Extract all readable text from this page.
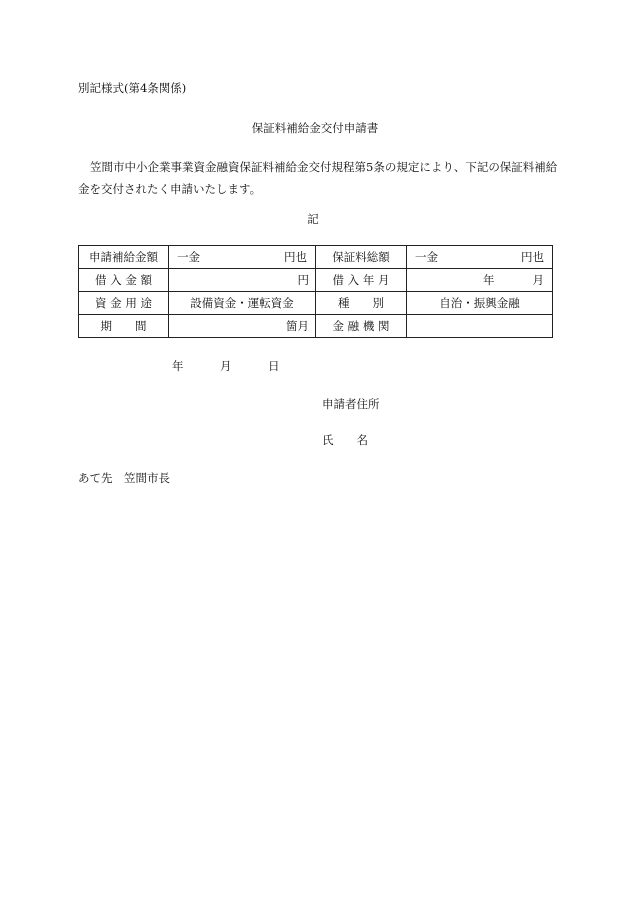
別記様式(第4条関係)
保証料補給金交付申請書
笠間市中小企業事業資金融資保証料補給金交付規程第5条の規定により、下記の保証料補給金を交付されたく申請いたします。
記
申請補給金額	一金 円也	保証料総額	一金 円也

借 入 金 額	円	借 入 年 月	年 月

資 金 用 途	設備資金・運転資金	種　　別	自治・振興金融
期　　間	箇月	金 融 機 関	
年	月	日
申請者住所
氏　　名
あて先　笠間市長
